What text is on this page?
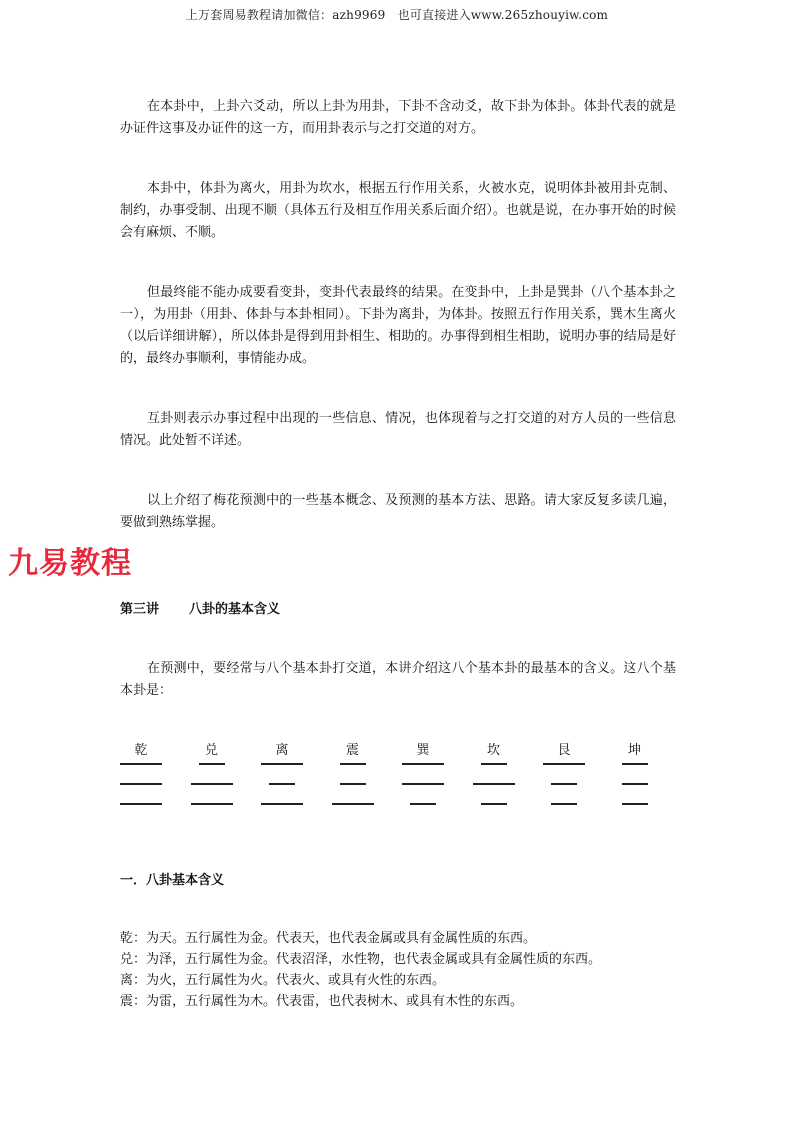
上万套周易教程请加微信：azh9969　也可直接进入www.265zhouyiw.com

在本卦中，上卦六爻动，所以上卦为用卦，下卦不含动爻，故下卦为体卦。体卦代表的就是办证件这事及办证件的这一方，而用卦表示与之打交道的对方。

本卦中，体卦为离火，用卦为坎水，根据五行作用关系，火被水克，说明体卦被用卦克制、制约，办事受制、出现不顺（具体五行及相互作用关系后面介绍）。也就是说，在办事开始的时候会有麻烦、不顺。

但最终能不能办成要看变卦，变卦代表最终的结果。在变卦中，上卦是巽卦（八个基本卦之一），为用卦（用卦、体卦与本卦相同）。下卦为离卦，为体卦。按照五行作用关系，巽木生离火（以后详细讲解），所以体卦是得到用卦相生、相助的。办事得到相生相助，说明办事的结局是好的，最终办事顺利，事情能办成。

互卦则表示办事过程中出现的一些信息、情况，也体现着与之打交道的对方人员的一些信息情况。此处暂不详述。

以上介绍了梅花预测中的一些基本概念、及预测的基本方法、思路。请大家反复多读几遍，要做到熟练掌握。

九易教程
第三讲 八卦的基本含义

在预测中，要经常与八个基本卦打交道，本讲介绍这八个基本卦的最基本的含义。这八个基本卦是：

乾	兑	离	震	巽	坎	艮	坤
一．八卦基本含义

乾：为天。五行属性为金。代表天，也代表金属或具有金属性质的东西。

兑：为泽，五行属性为金。代表沼泽，水性物，也代表金属或具有金属性质的东西。

离：为火，五行属性为火。代表火、或具有火性的东西。

震：为雷，五行属性为木。代表雷，也代表树木、或具有木性的东西。
